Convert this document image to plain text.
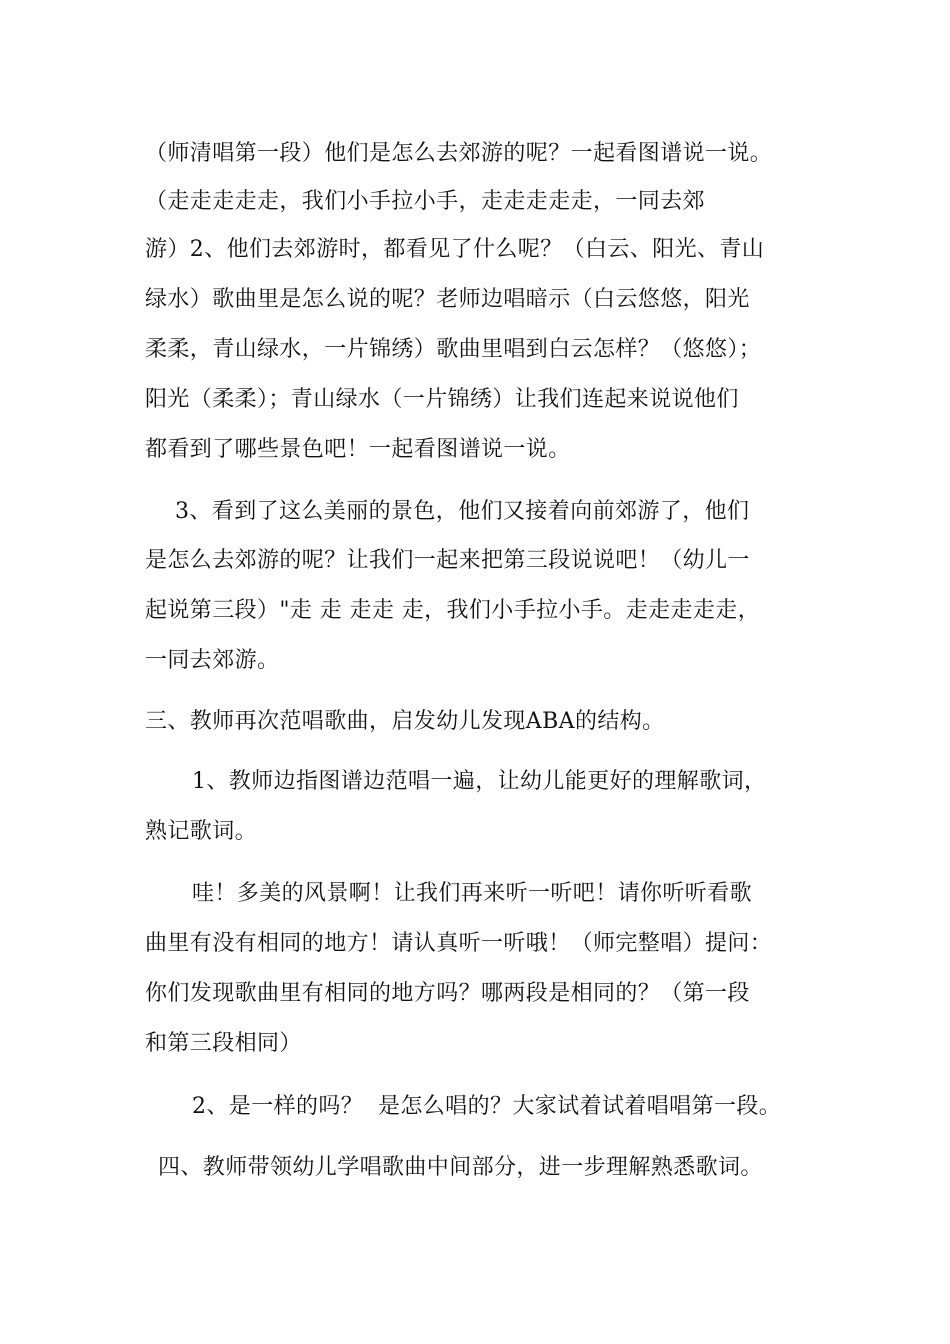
（师清唱第一段）他们是怎么去郊游的呢？一起看图谱说一说。
（走走走走走，我们小手拉小手，走走走走走，一同去郊
游）2、他们去郊游时，都看见了什么呢？（白云、阳光、青山
绿水）歌曲里是怎么说的呢？老师边唱暗示（白云悠悠，阳光
柔柔，青山绿水，一片锦绣）歌曲里唱到白云怎样？（悠悠）；
阳光（柔柔）；青山绿水（一片锦绣）让我们连起来说说他们
都看到了哪些景色吧！一起看图谱说一说。
3、看到了这么美丽的景色，他们又接着向前郊游了，他们
是怎么去郊游的呢？让我们一起来把第三段说说吧！（幼儿一
起说第三段）"走 走 走走 走，我们小手拉小手。走走走走走，
一同去郊游。
三、教师再次范唱歌曲，启发幼儿发现ABA的结构。
1、教师边指图谱边范唱一遍，让幼儿能更好的理解歌词，
熟记歌词。
哇！多美的风景啊！让我们再来听一听吧！请你听听看歌
曲里有没有相同的地方！请认真听一听哦！（师完整唱）提问：
你们发现歌曲里有相同的地方吗？哪两段是相同的？（第一段
和第三段相同）
2、是一样的吗？  是怎么唱的？大家试着试着唱唱第一段。
四、教师带领幼儿学唱歌曲中间部分，进一步理解熟悉歌词。
